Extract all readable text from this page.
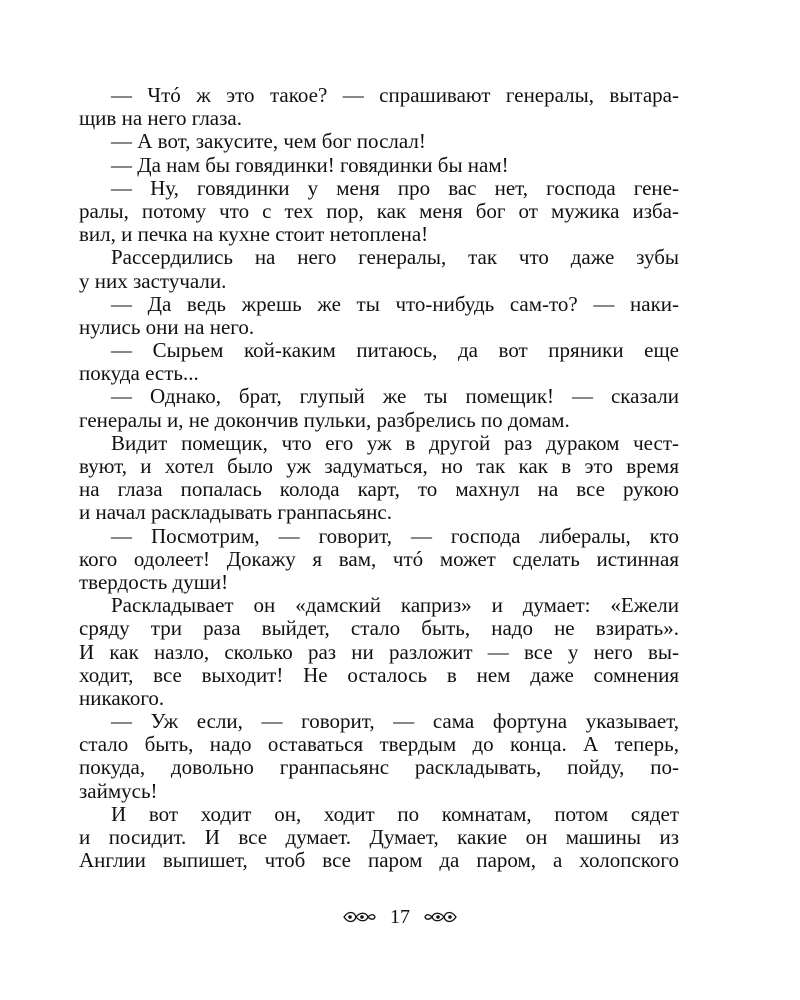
— Чтó ж это такое? — спрашивают генералы, вытара-
щив на него глаза.
— А вот, закусите, чем бог послал!
— Да нам бы говядинки! говядинки бы нам!
— Ну, говядинки у меня про вас нет, господа гене-
ралы, потому что с тех пор, как меня бог от мужика изба-
вил, и печка на кухне стоит нетоплена!
Рассердились на него генералы, так что даже зубы
у них застучали.
— Да ведь жрешь же ты что-нибудь сам-то? — наки-
нулись они на него.
— Сырьем кой-каким питаюсь, да вот пряники еще
покуда есть...
— Однако, брат, глупый же ты помещик! — сказали
генералы и, не докончив пульки, разбрелись по домам.
Видит помещик, что его уж в другой раз дураком чест-
вуют, и хотел было уж задуматься, но так как в это время
на глаза попалась колода карт, то махнул на все рукою
и начал раскладывать гранпасьянс.
— Посмотрим, — говорит, — господа либералы, кто
кого одолеет! Докажу я вам, чтó может сделать истинная
твердость души!
Раскладывает он «дамский каприз» и думает: «Ежели
сряду три раза выйдет, стало быть, надо не взирать».
И как назло, сколько раз ни разложит — все у него вы-
ходит, все выходит! Не осталось в нем даже сомнения
никакого.
— Уж если, — говорит, — сама фортуна указывает,
стало быть, надо оставаться твердым до конца. А теперь,
покуда, довольно гранпасьянс раскладывать, пойду, по-
займусь!
И вот ходит он, ходит по комнатам, потом сядет
и посидит. И все думает. Думает, какие он машины из
Англии выпишет, чтоб все паром да паром, а холопского
17
